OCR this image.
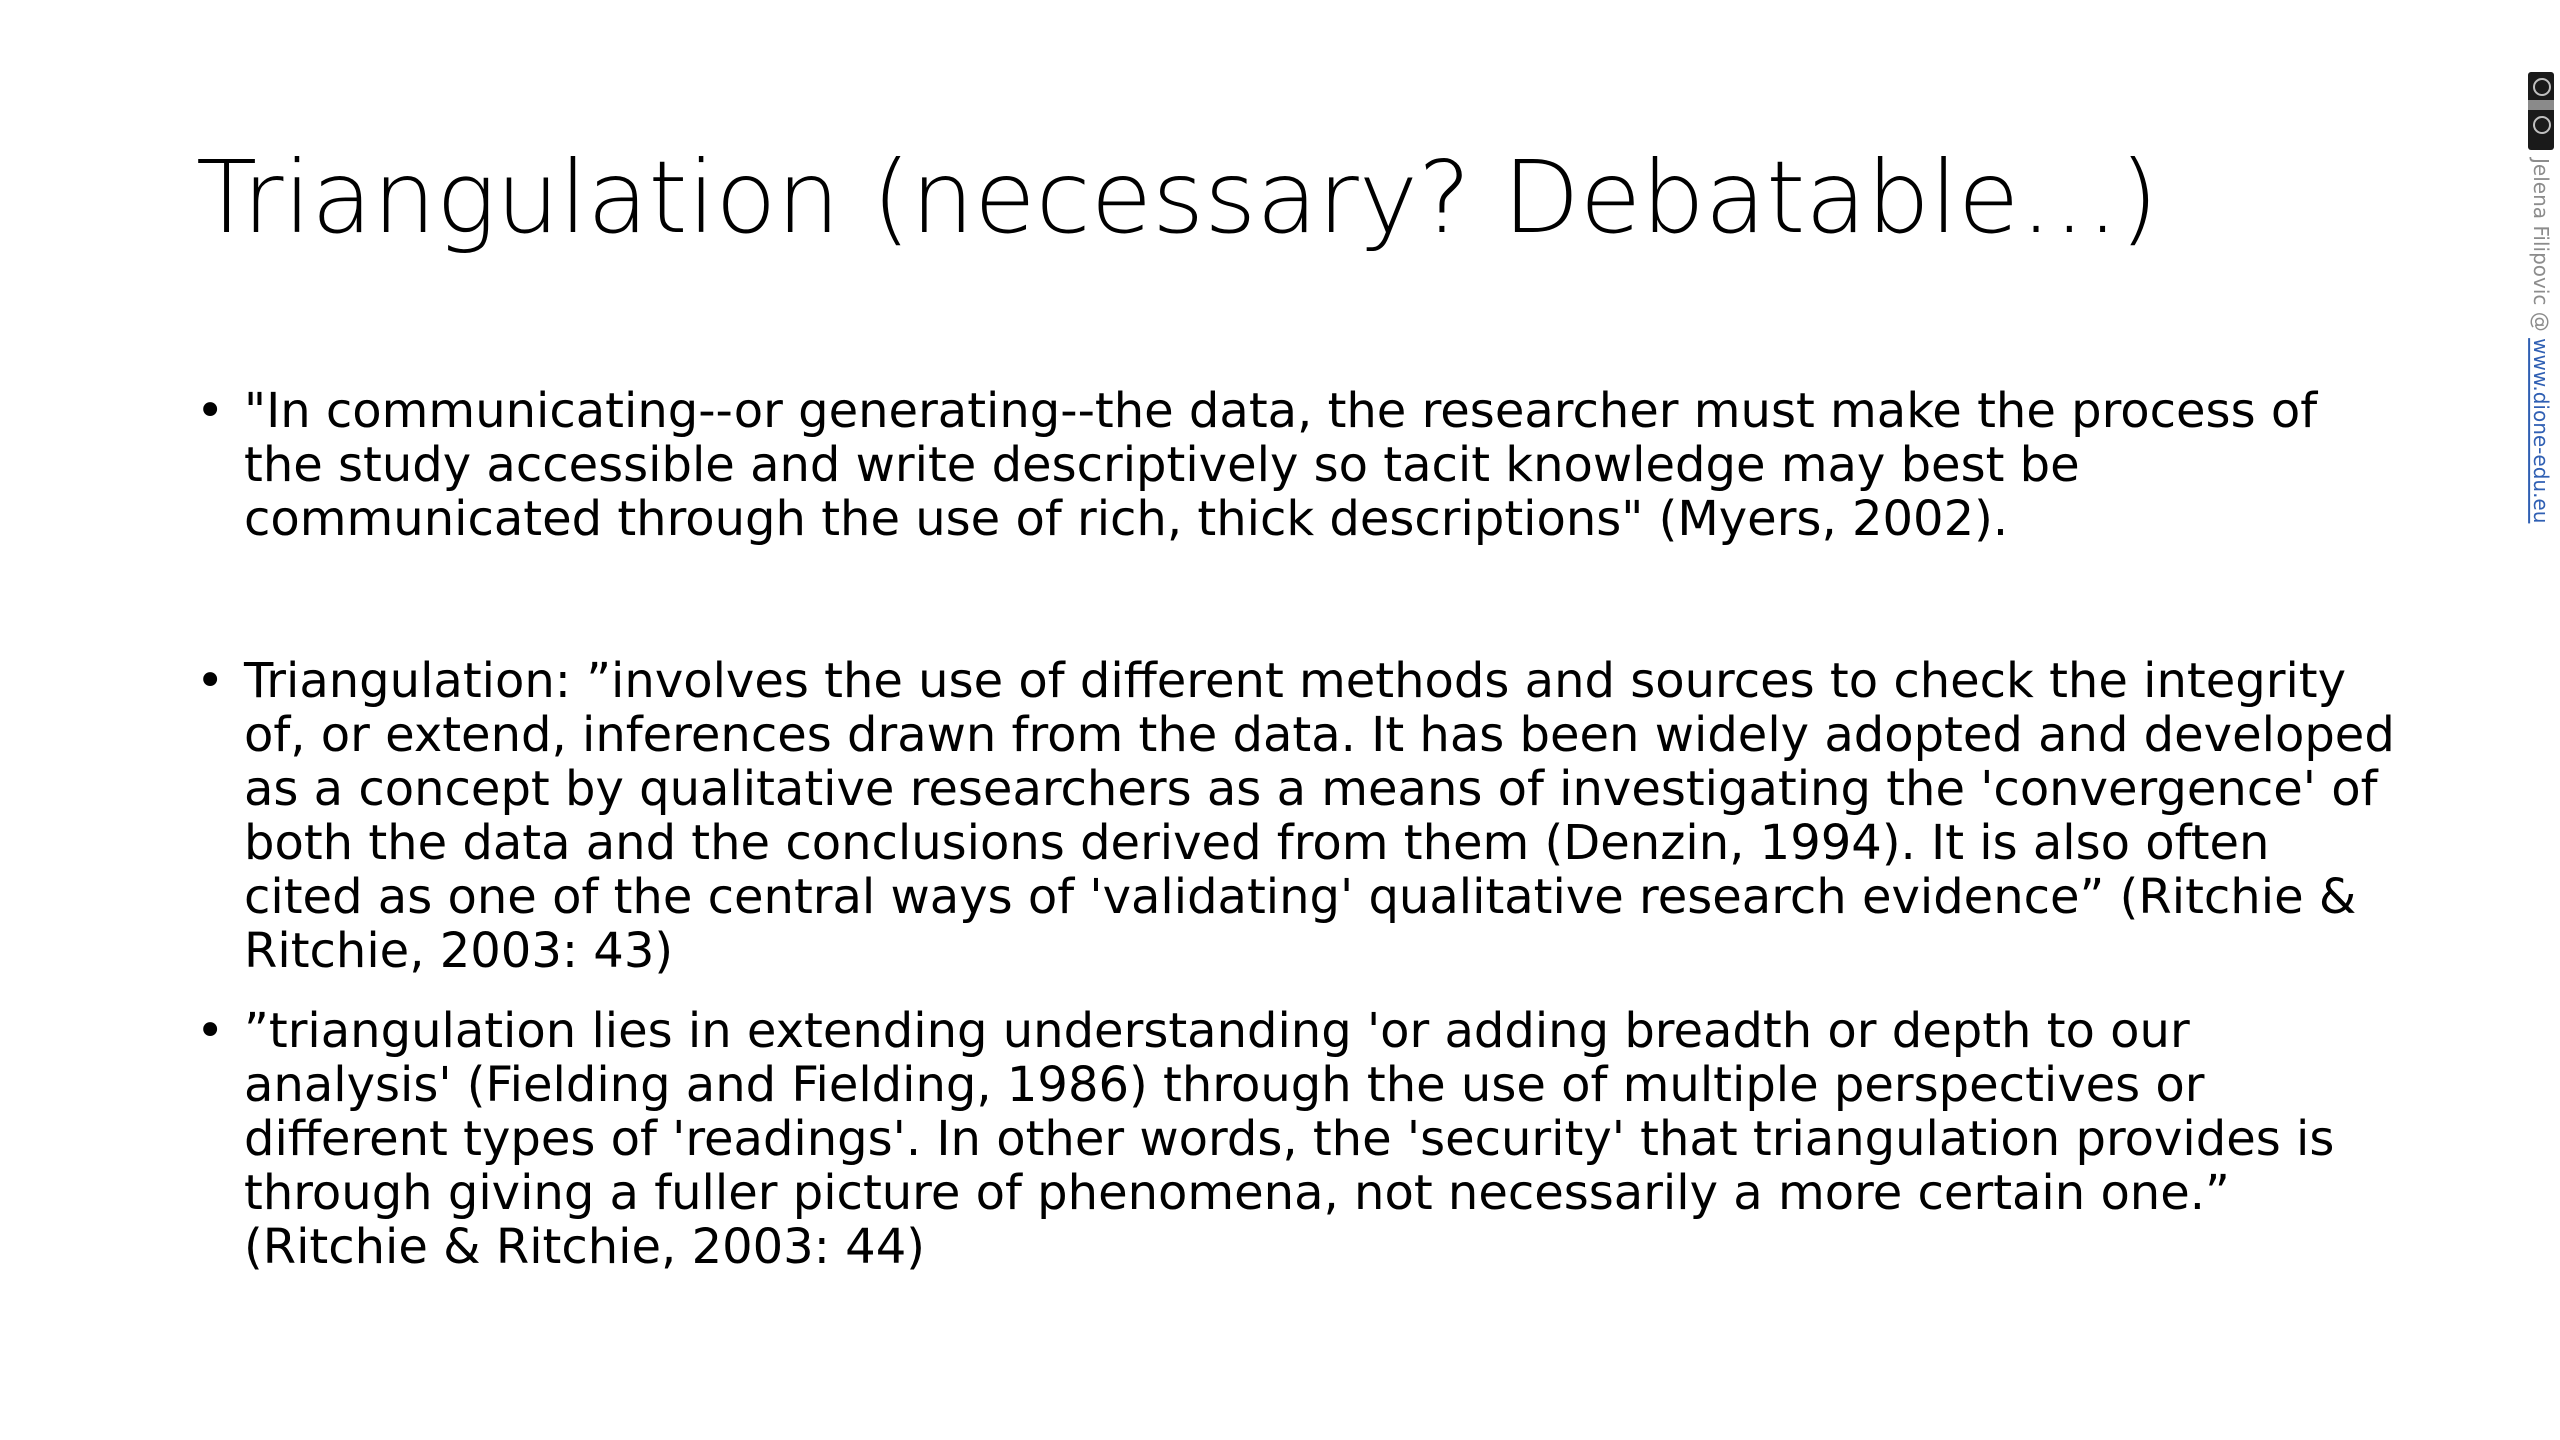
Triangulation (necessary? Debatable…)
• "In communicating--or generating--the data, the researcher must make the process of the study accessible and write descriptively so tacit knowledge may best be communicated through the use of rich, thick descriptions" (Myers, 2002).
• Triangulation: ”involves the use of different methods and sources to check the integrity of, or extend, inferences drawn from the data. It has been widely adopted and developed as a concept by qualitative researchers as a means of investigating the 'convergence' of both the data and the conclusions derived from them (Denzin, 1994). It is also often cited as one of the central ways of 'validating' qualitative research evidence” (Ritchie & Ritchie, 2003: 43)
• ”triangulation lies in extending understanding 'or adding breadth or depth to our analysis' (Fielding and Fielding, 1986) through the use of multiple perspectives or different types of 'readings'. In other words, the 'security' that triangulation provides is through giving a fuller picture of phenomena, not necessarily a more certain one.” (Ritchie & Ritchie, 2003: 44)
Jelena Filipovic @ www.dione-edu.eu
